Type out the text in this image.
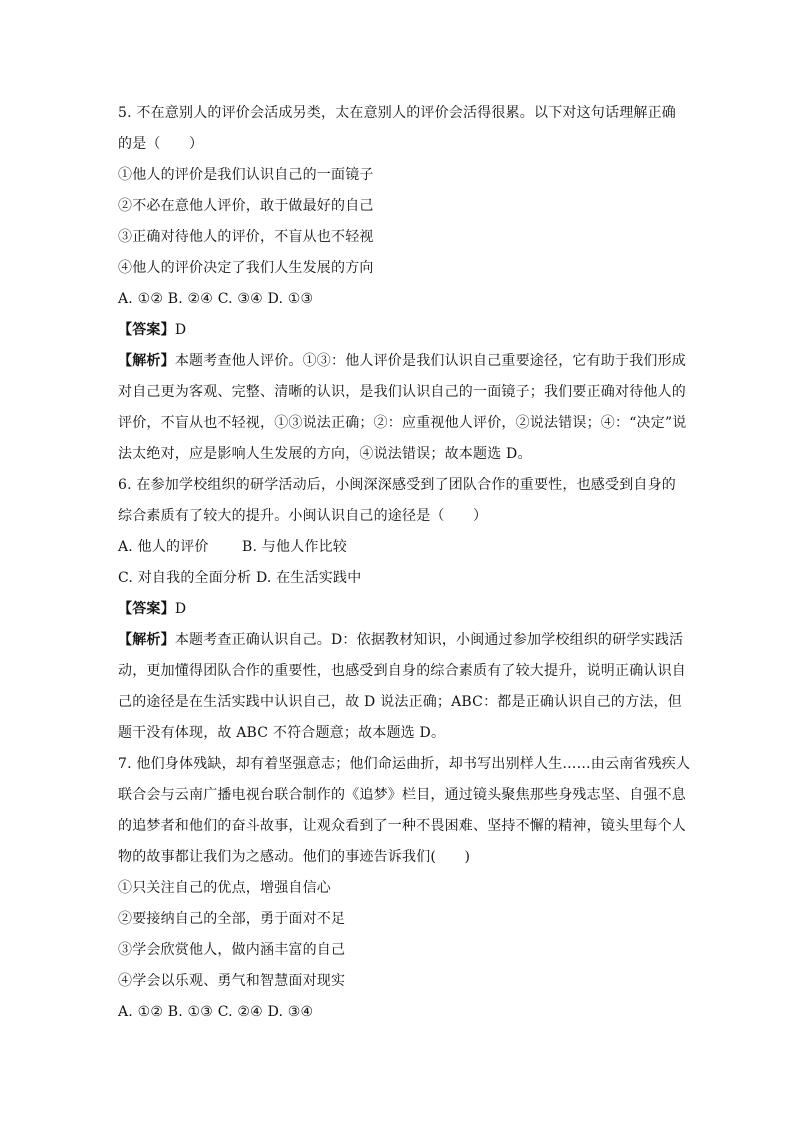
5. 不在意别人的评价会活成另类，太在意别人的评价会活得很累。以下对这句话理解正确
的是（　　）
①他人的评价是我们认识自己的一面镜子
②不必在意他人评价，敢于做最好的自己
③正确对待他人的评价，不盲从也不轻视
④他人的评价决定了我们人生发展的方向
A. ①② B. ②④ C. ③④ D. ①③
【答案】D
【解析】本题考查他人评价。①③：他人评价是我们认识自己重要途径，它有助于我们形成
对自己更为客观、完整、清晰的认识，是我们认识自己的一面镜子；我们要正确对待他人的
评价，不盲从也不轻视，①③说法正确；②：应重视他人评价，②说法错误；④：“决定”说
法太绝对，应是影响人生发展的方向，④说法错误；故本题选 D。
6. 在参加学校组织的研学活动后，小闽深深感受到了团队合作的重要性，也感受到自身的
综合素质有了较大的提升。小闽认识自己的途径是（　　）
A. 他人的评价 B. 与他人作比较
C. 对自我的全面分析 D. 在生活实践中
【答案】D
【解析】本题考查正确认识自己。D：依据教材知识，小闽通过参加学校组织的研学实践活
动，更加懂得团队合作的重要性，也感受到自身的综合素质有了较大提升，说明正确认识自
己的途径是在生活实践中认识自己，故 D 说法正确；ABC：都是正确认识自己的方法，但
题干没有体现，故 ABC 不符合题意；故本题选 D。
7. 他们身体残缺，却有着坚强意志；他们命运曲折，却书写出别样人生……由云南省残疾人
联合会与云南广播电视台联合制作的《追梦》栏目，通过镜头聚焦那些身残志坚、自强不息
的追梦者和他们的奋斗故事，让观众看到了一种不畏困难、坚持不懈的精神，镜头里每个人
物的故事都让我们为之感动。他们的事迹告诉我们(　　)
①只关注自己的优点，增强自信心
②要接纳自己的全部，勇于面对不足
③学会欣赏他人，做内涵丰富的自己
④学会以乐观、勇气和智慧面对现实
A. ①② B. ①③ C. ②④ D. ③④
